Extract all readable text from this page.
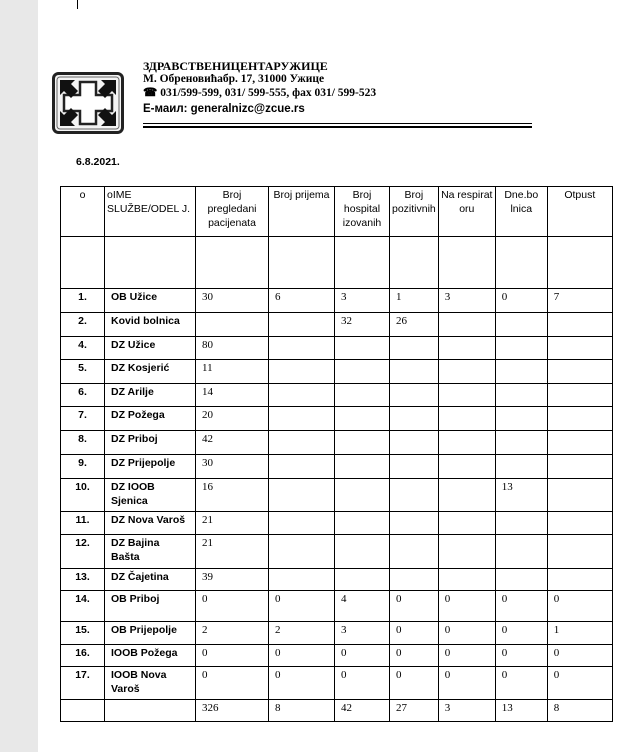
ЗДРАВСТВЕНИЦЕНТАРУЖИЦЕ
М. Обреновићабр. 17, 31000 Ужице
☎ 031/599-599, 031/ 599-555, фах 031/ 599-523
Е-маил: generalnizc@zcue.rs
6.8.2021.
o	oIME SLUŽBE/ODEL J.	Broj pregledani pacijenata	Broj prijema	Broj hospital izovanih	Broj pozitivnih	Na respirat oru	Dne.bo lnica	Otpust

1.	OB Užice	30	6	3	1	3	0	7
2.	Kovid bolnica			32	26			
4.	DZ Užice	80						
5.	DZ Kosjerić	11						
6.	DZ Arilje	14						
7.	DZ Požega	20						
8.	DZ Priboj	42						
9.	DZ Prijepolje	30						
10.	DZ IOOB Sjenica	16					13	
11.	DZ Nova Varoš	21						
12.	DZ Bajina Bašta	21						
13.	DZ Čajetina	39						
14.	OB Priboj	0	0	4	0	0	0	0
15.	OB Prijepolje	2	2	3	0	0	0	1
16.	IOOB Požega	0	0	0	0	0	0	0
17.	IOOB Nova Varoš	0	0	0	0	0	0	0
		326	8	42	27	3	13	8
